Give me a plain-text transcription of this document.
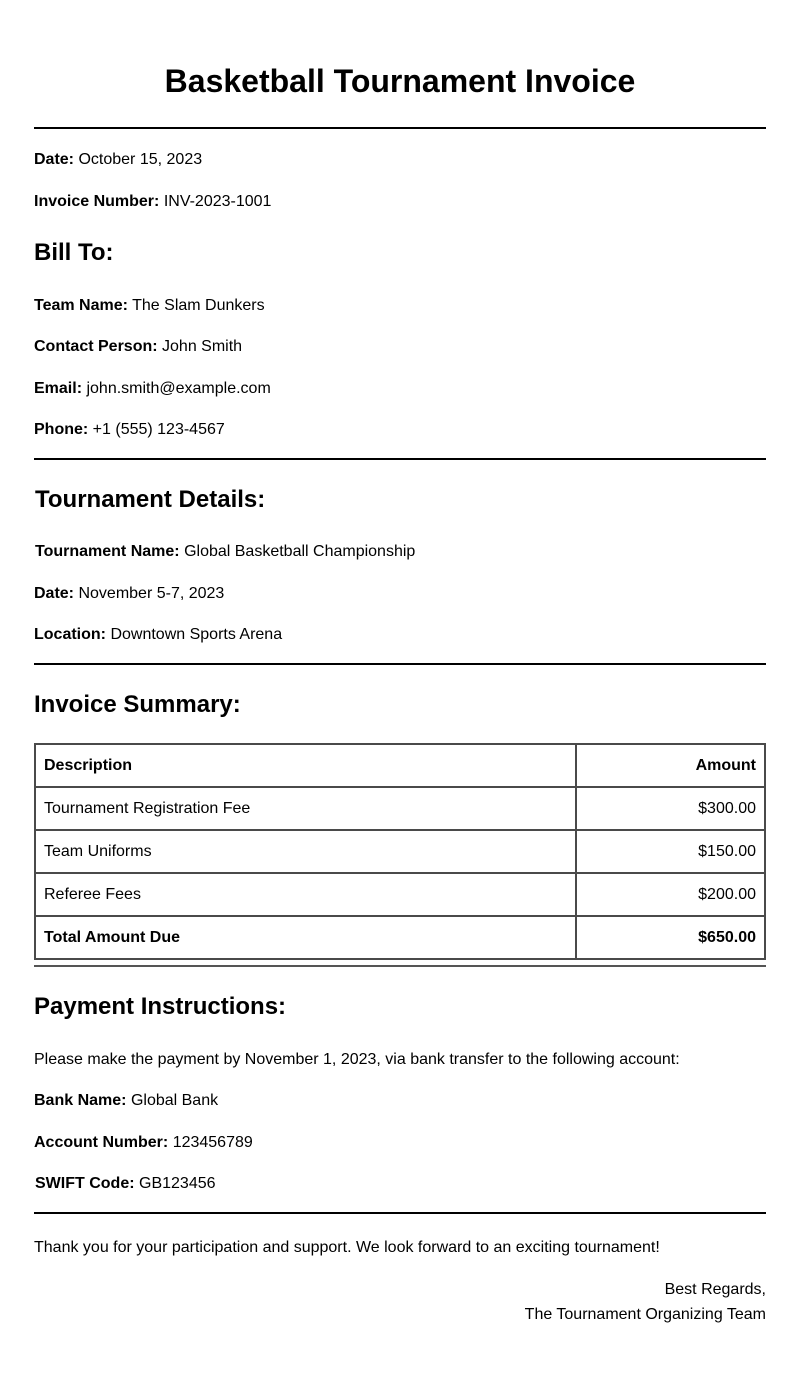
Basketball Tournament Invoice
Date: October 15, 2023
Invoice Number: INV-2023-1001
Bill To:
Team Name: The Slam Dunkers
Contact Person: John Smith
Email: john.smith@example.com
Phone: +1 (555) 123-4567
Tournament Details:
Tournament Name: Global Basketball Championship
Date: November 5-7, 2023
Location: Downtown Sports Arena
Invoice Summary:
Description	Amount
Tournament Registration Fee	$300.00
Team Uniforms	$150.00
Referee Fees	$200.00
Total Amount Due	$650.00
Payment Instructions:
Please make the payment by November 1, 2023, via bank transfer to the following account:
Bank Name: Global Bank
Account Number: 123456789
SWIFT Code: GB123456
Thank you for your participation and support. We look forward to an exciting tournament!
Best Regards,
The Tournament Organizing Team
